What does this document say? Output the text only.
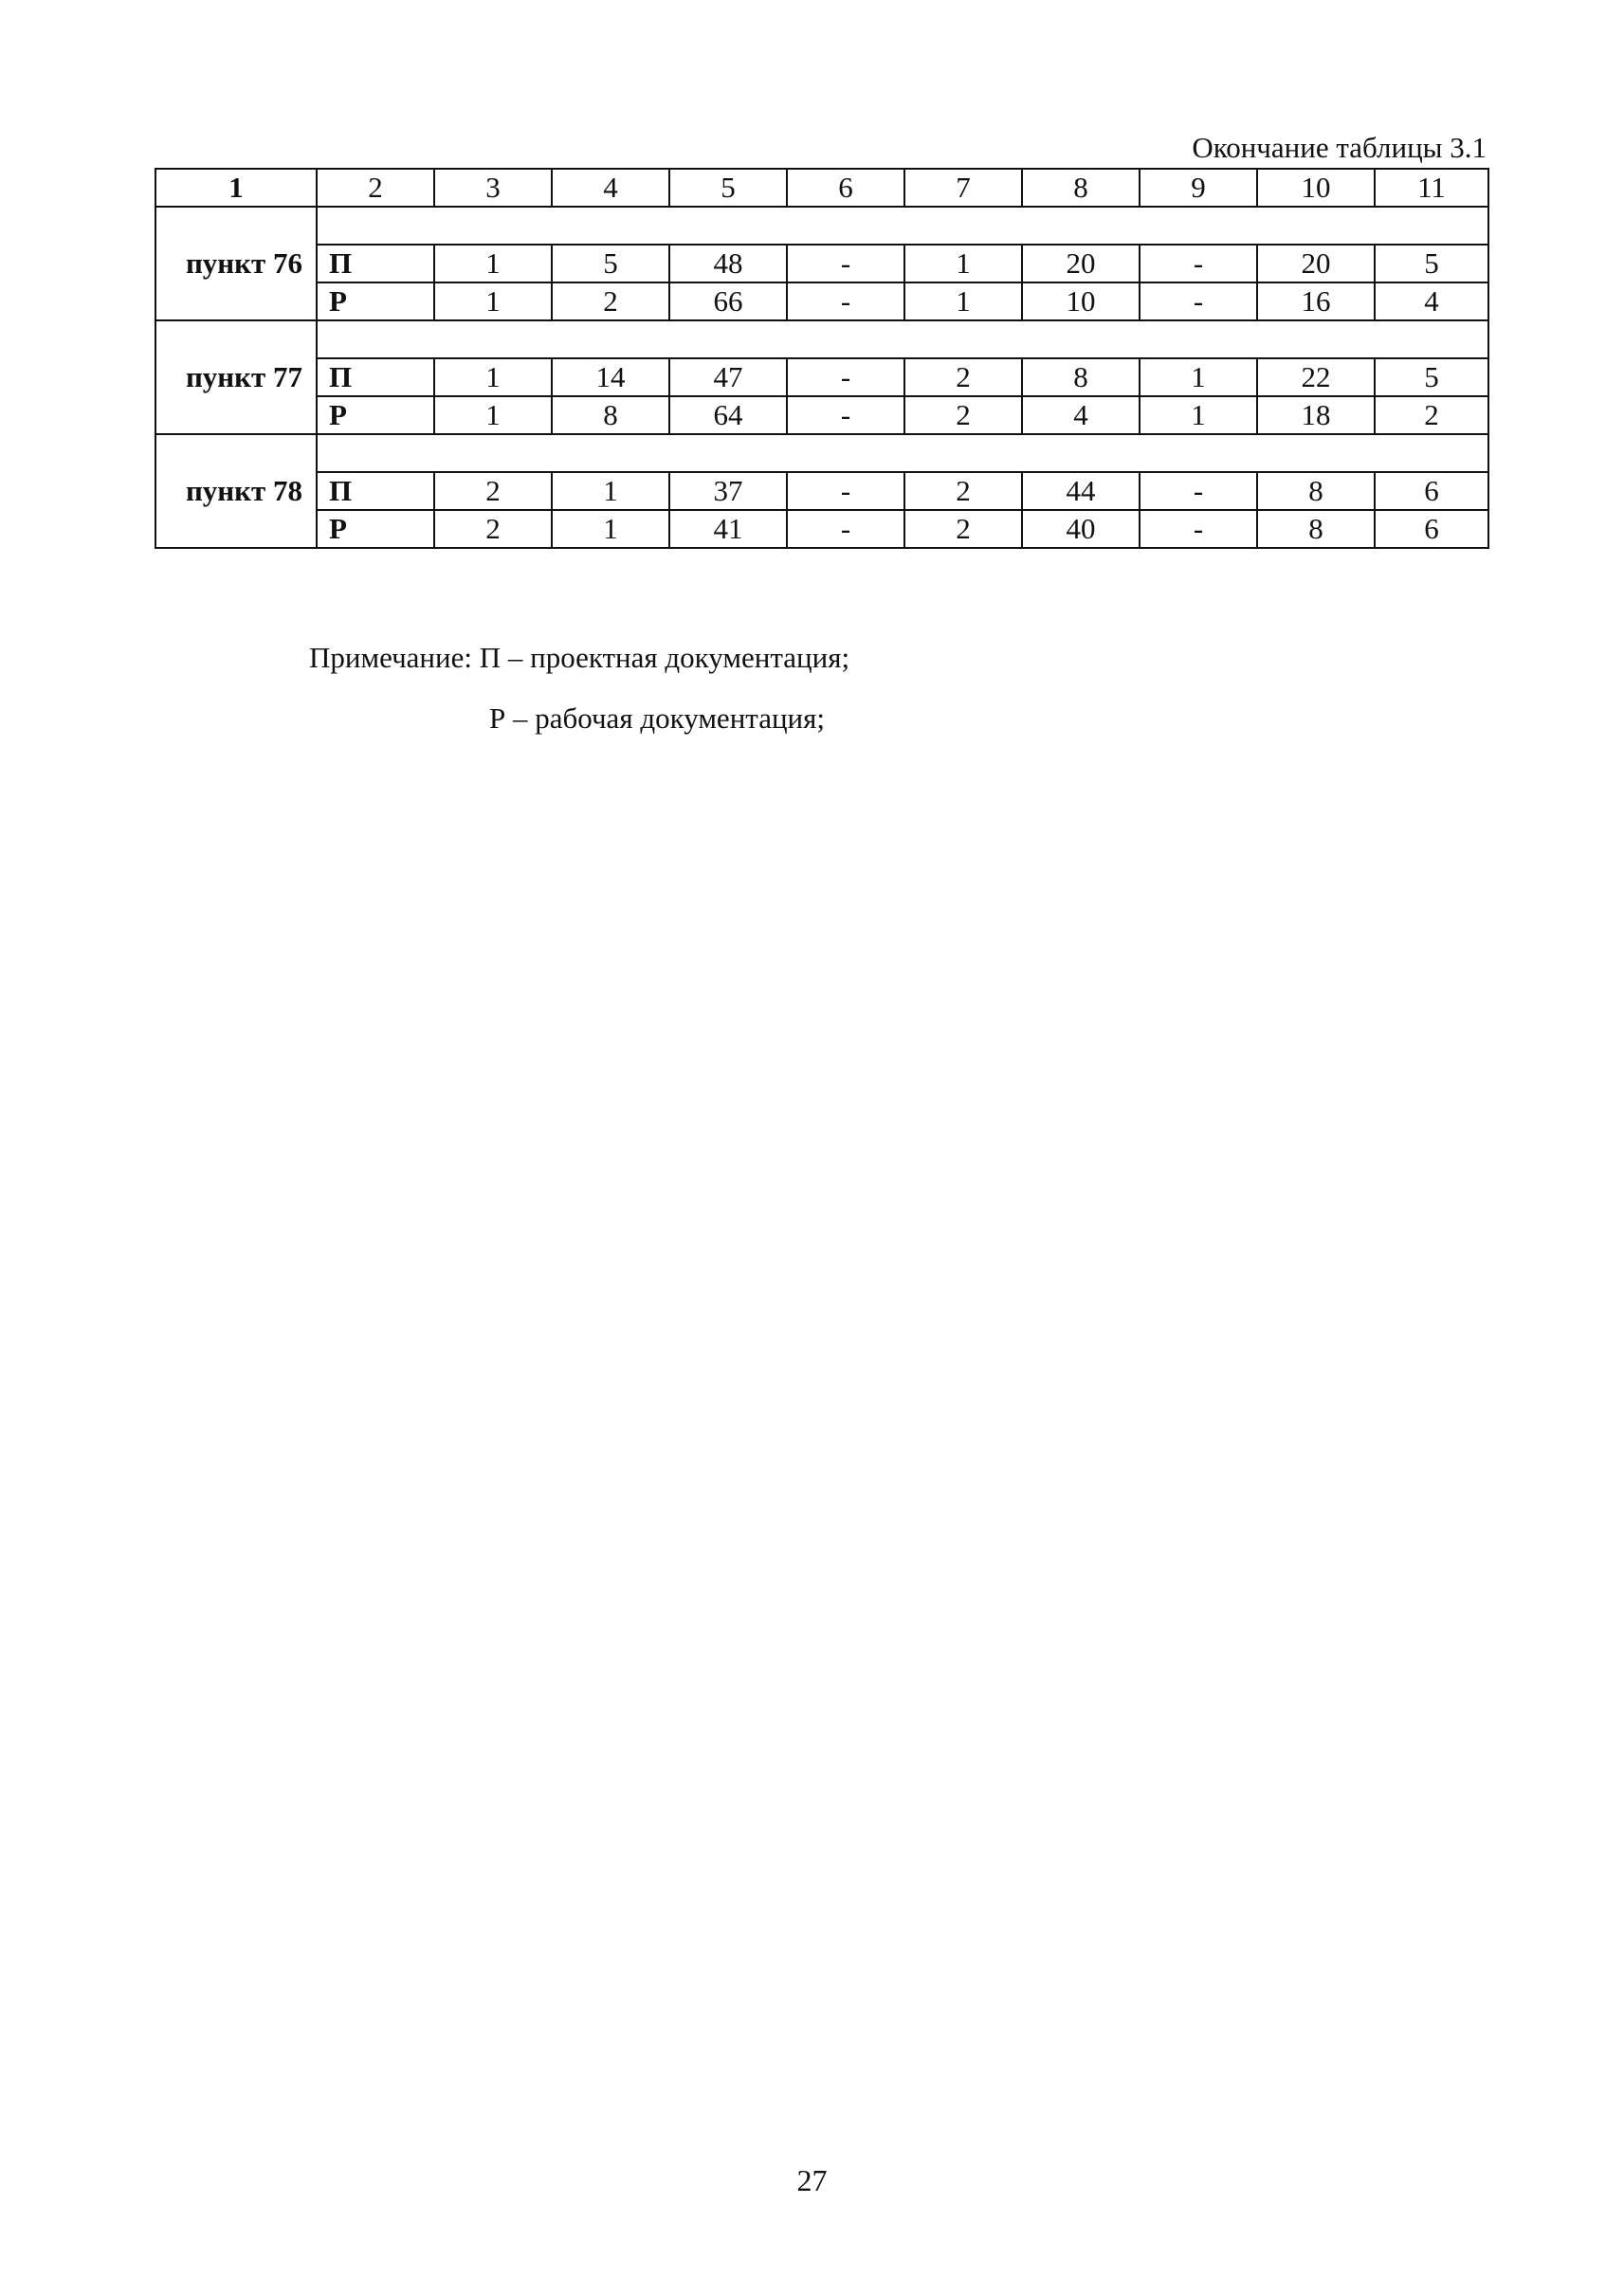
Окончание таблицы 3.1
1	2	3	4	5	6	7	8	9	10	11
пункт 76										
	П	1	5	48	-	1	20	-	20	5
	Р	1	2	66	-	1	10	-	16	4
пункт 77										
	П	1	14	47	-	2	8	1	22	5
	Р	1	8	64	-	2	4	1	18	2
пункт 78										
	П	2	1	37	-	2	44	-	8	6
	Р	2	1	41	-	2	40	-	8	6
Примечание: П – проектная документация;
Р – рабочая документация;
27
